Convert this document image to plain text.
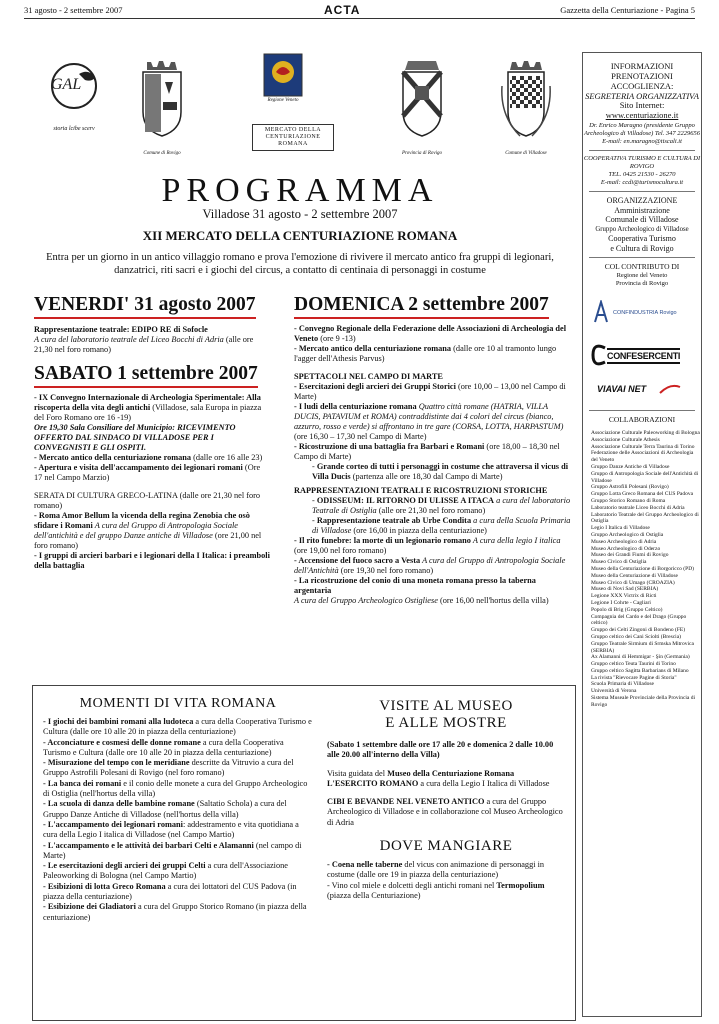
31 agosto - 2 settembre 2007	ACTA	Gazzetta della Centuriazione - Pagina 5
GAL
storia lcibe scerv
Comune di Rovigo
Regione Veneto
MERCATO DELLA CENTURIAZIONE ROMANA
Provincia di Rovigo	Comune di Villadose
PROGRAMMA
Villadose 31 agosto - 2 settembre 2007
XII MERCATO DELLA CENTURIAZIONE ROMANA
Entra per un giorno in un antico villaggio romano e prova l'emozione di rivivere il mercato antico fra gruppi di legionari, danzatrici, riti sacri e i giochi del circus, a contatto di centinaia di personaggi in costume
VENERDI' 31 agosto 2007

Rappresentazione teatrale: EDIPO RE di Sofocle

A cura del laboratorio teatrale del Liceo Bocchi di Adria (alle ore 21,30 nel foro romano)

SABATO 1 settembre 2007

- IX Convegno Internazionale di Archeologia Sperimentale: Alla riscoperta della vita degli antichi (Villadose, sala Europa in piazza del Foro Romano ore 16 -19)

Ore 19,30 Sala Consiliare del Municipio: RICEVIMENTO OFFERTO DAL SINDACO DI VILLADOSE PER I CONVEGNISTI E GLI OSPITI.

- Mercato antico della centuriazione romana (dalle ore 16 alle 23)

- Apertura e visita dell'accampamento dei legionari romani (Ore 17 nel Campo Marzio)

SERATA DI CULTURA GRECO-LATINA (dalle ore 21,30 nel foro romano)

- Roma Amor Bellum la vicenda della regina Zenobia che osò sfidare i Romani A cura del Gruppo di Antropologia Sociale dell'antichità e del gruppo Danze antiche di Villadose (ore 21,00 nel foro romano)

- I gruppi di arcieri barbari e i legionari della I Italica: i preamboli della battaglia

DOMENICA 2 settembre 2007

- Convegno Regionale della Federazione delle Associazioni di Archeologia del Veneto (ore 9 -13)

- Mercato antico della centuriazione romana (dalle ore 10 al tramonto lungo l'agger dell'Athesis Parvus)

SPETTACOLI NEL CAMPO DI MARTE

- Esercitazioni degli arcieri dei Gruppi Storici (ore 10,00 – 13,00 nel Campo di Marte)

- I ludi della centuriazione romana Quattro città romane (HATRIA, VILLA DUCIS, PATAVIUM et ROMA) contraddistinte dai 4 colori del circus (bianco, azzurro, rosso e verde) si affrontano in tre gare (CORSA, LOTTA, HARPASTUM) (ore 16,30 – 17,30 nel Campo di Marte)

- Ricostruzione di una battaglia fra Barbari e Romani (ore 18,00 – 18,30 nel Campo di Marte)

- Grande corteo di tutti i personaggi in costume che attraversa il vicus di Villa Ducis (partenza alle ore 18,30 dal Campo di Marte)

RAPPRESENTAZIONI TEATRALI E RICOSTRUZIONI STORICHE

- ODISSEUM: IL RITORNO DI ULISSE A ITACA a cura del laboratorio Teatrale di Ostiglia (alle ore 21,30 nel foro romano)

- Rappresentazione teatrale ab Urbe Condita a cura della Scuola Primaria di Villadose (ore 16,00 in piazza della centuriazione)

- Il rito funebre: la morte di un legionario romano A cura della legio I italica (ore 19,00 nel foro romano)

- Accensione del fuoco sacro a Vesta A cura del Gruppo di Antropologia Sociale dell'Antichità (ore 19,30 nel foro romano)

- La ricostruzione del conio di una moneta romana presso la taberna argentaria

A cura del Gruppo Archeologico Ostigliese (ore 16,00 nell'hortus della villa)

INFORMAZIONI PRENOTAZIONI ACCOGLIENZA:
SEGRETERIA ORGANIZZATIVA
Sito Internet:
www.centuriazione.it
Dr. Enrico Maragno (presidente Gruppo Archeologico di Villadose) Tel. 347 2229656
E-mail: en.maragno@tiscali.it
COOPERATIVA TURISMO E CULTURA DI ROVIGO
TEL. 0425 21530 - 26270
E-mail: ccdi@turismocultura.it
ORGANIZZAZIONE
Amministrazione
Comunale di Villadose
Gruppo Archeologico di Villadose
Cooperativa Turismo
e Cultura di Rovigo
COL CONTRIBUTO DI
Regione del Veneto
Provincia di Rovigo
CONFINDUSTRIA Rovigo
CONFESERCENTI
VIAVAI NET
COLLABORAZIONI
Associazione Culturale Paleoworking di Bologna
Associazione Culturale Athesis
Associazione Culturale Terra Taurina di Torino
Federazione delle Associazioni di Archeologia del Veneto
Gruppo Danze Antiche di Villadose
Gruppo di Antropologia Sociale dell'Antichità di Villadose
Gruppo Astrofili Polesani (Rovigo)
Gruppo Lotta Greco Romana del CUS Padova
Gruppo Storico Romano di Roma
Laboratorio teatrale Liceo Bocchi di Adria
Laboratorio Teatrale del Gruppo Archeologico di Ostiglia
Legio I Italica di Villadose
Gruppo Archeologico di Ostiglia
Museo Archeologico di Adria
Museo Archeologico di Oderzo
Museo dei Grandi Fiumi di Rovigo
Museo Civico di Ostiglia
Museo della Centuriazione di Borgoricco (PD)
Museo della Centuriazione di Villadose
Museo Civico di Umago (CROAZIA)
Museo di Novi Sad (SERBIA)
Legione XXX Victrix di Ricti
Legione I Cohrte - Cagliari
Popolo di Brig (Gruppo Celtico)
Compagnia del Cardo e del Drago (Gruppo celtico)
Gruppo dei Celti Zingoni di Bondeno (FE)
Gruppo celtico dei Cani Sciolti (Brescia)
Gruppo Teatrale Sirmium di Srmska Mitrovica (SERBIA)
Ax Alamanni di Hemmigar - Şin (Germania)
Gruppo celtico Teuta Taurini di Torino
Gruppo celtico Sagitta Barbarians di Milano
La rivista "Rievocare Pagine di Storia"
Scuola Primaria di Villadose
Università di Verona
Sistema Museale Provinciale della Provincia di Rovigo
MOMENTI DI VITA ROMANA

- I giochi dei bambini romani alla ludoteca a cura della Cooperativa Turismo e Cultura (dalle ore 10 alle 20 in piazza della centuriazione)

- Acconciature e cosmesi delle donne romane a cura della Cooperativa Turismo e Cultura (dalle ore 10 alle 20 in piazza della centuriazione)

- Misurazione del tempo con le meridiane descritte da Vitruvio a cura del Gruppo Astrofili Polesani di Rovigo (nel foro romano)

- La banca dei romani e il conio delle monete a cura del Gruppo Archeologico di Ostiglia (nell'hortus della villa)

- La scuola di danza delle bambine romane (Saltatio Schola) a cura del Gruppo Danze Antiche di Villadose (nell'hortus della villa)

- L'accampamento dei legionari romani: addestramento e vita quotidiana a cura della Legio I italica di Villadose (nel Campo Martio)

- L'accampamento e le attività dei barbari Celti e Alamanni (nel campo di Marte)

- Le esercitazioni degli arcieri dei gruppi Celti a cura dell'Associazione Paleoworking di Bologna (nel Campo Martio)

- Esibizioni di lotta Greco Romana a cura dei lottatori del CUS Padova (in piazza della centuriazione)

- Esibizione dei Gladiatori a cura del Gruppo Storico Romano (in piazza della centuriazione)

VISITE AL MUSEO
E ALLE MOSTRE

(Sabato 1 settembre dalle ore 17 alle 20 e domenica 2 dalle 10.00 alle 20.00 all'interno della Villa)

Visita guidata del Museo della Centuriazione Romana

L'ESERCITO ROMANO a cura della Legio I Italica di Villadose

CIBI E BEVANDE NEL VENETO ANTICO a cura del Gruppo Archeologico di Villadose e in collaborazione col Museo Archeologico di Adria

DOVE MANGIARE

- Coena nelle taberne del vicus con animazione di personaggi in costume (dalle ore 19 in piazza della centuriazione)

- Vino col miele e dolcetti degli antichi romani nel Termopolium (piazza della Centuriazione)
